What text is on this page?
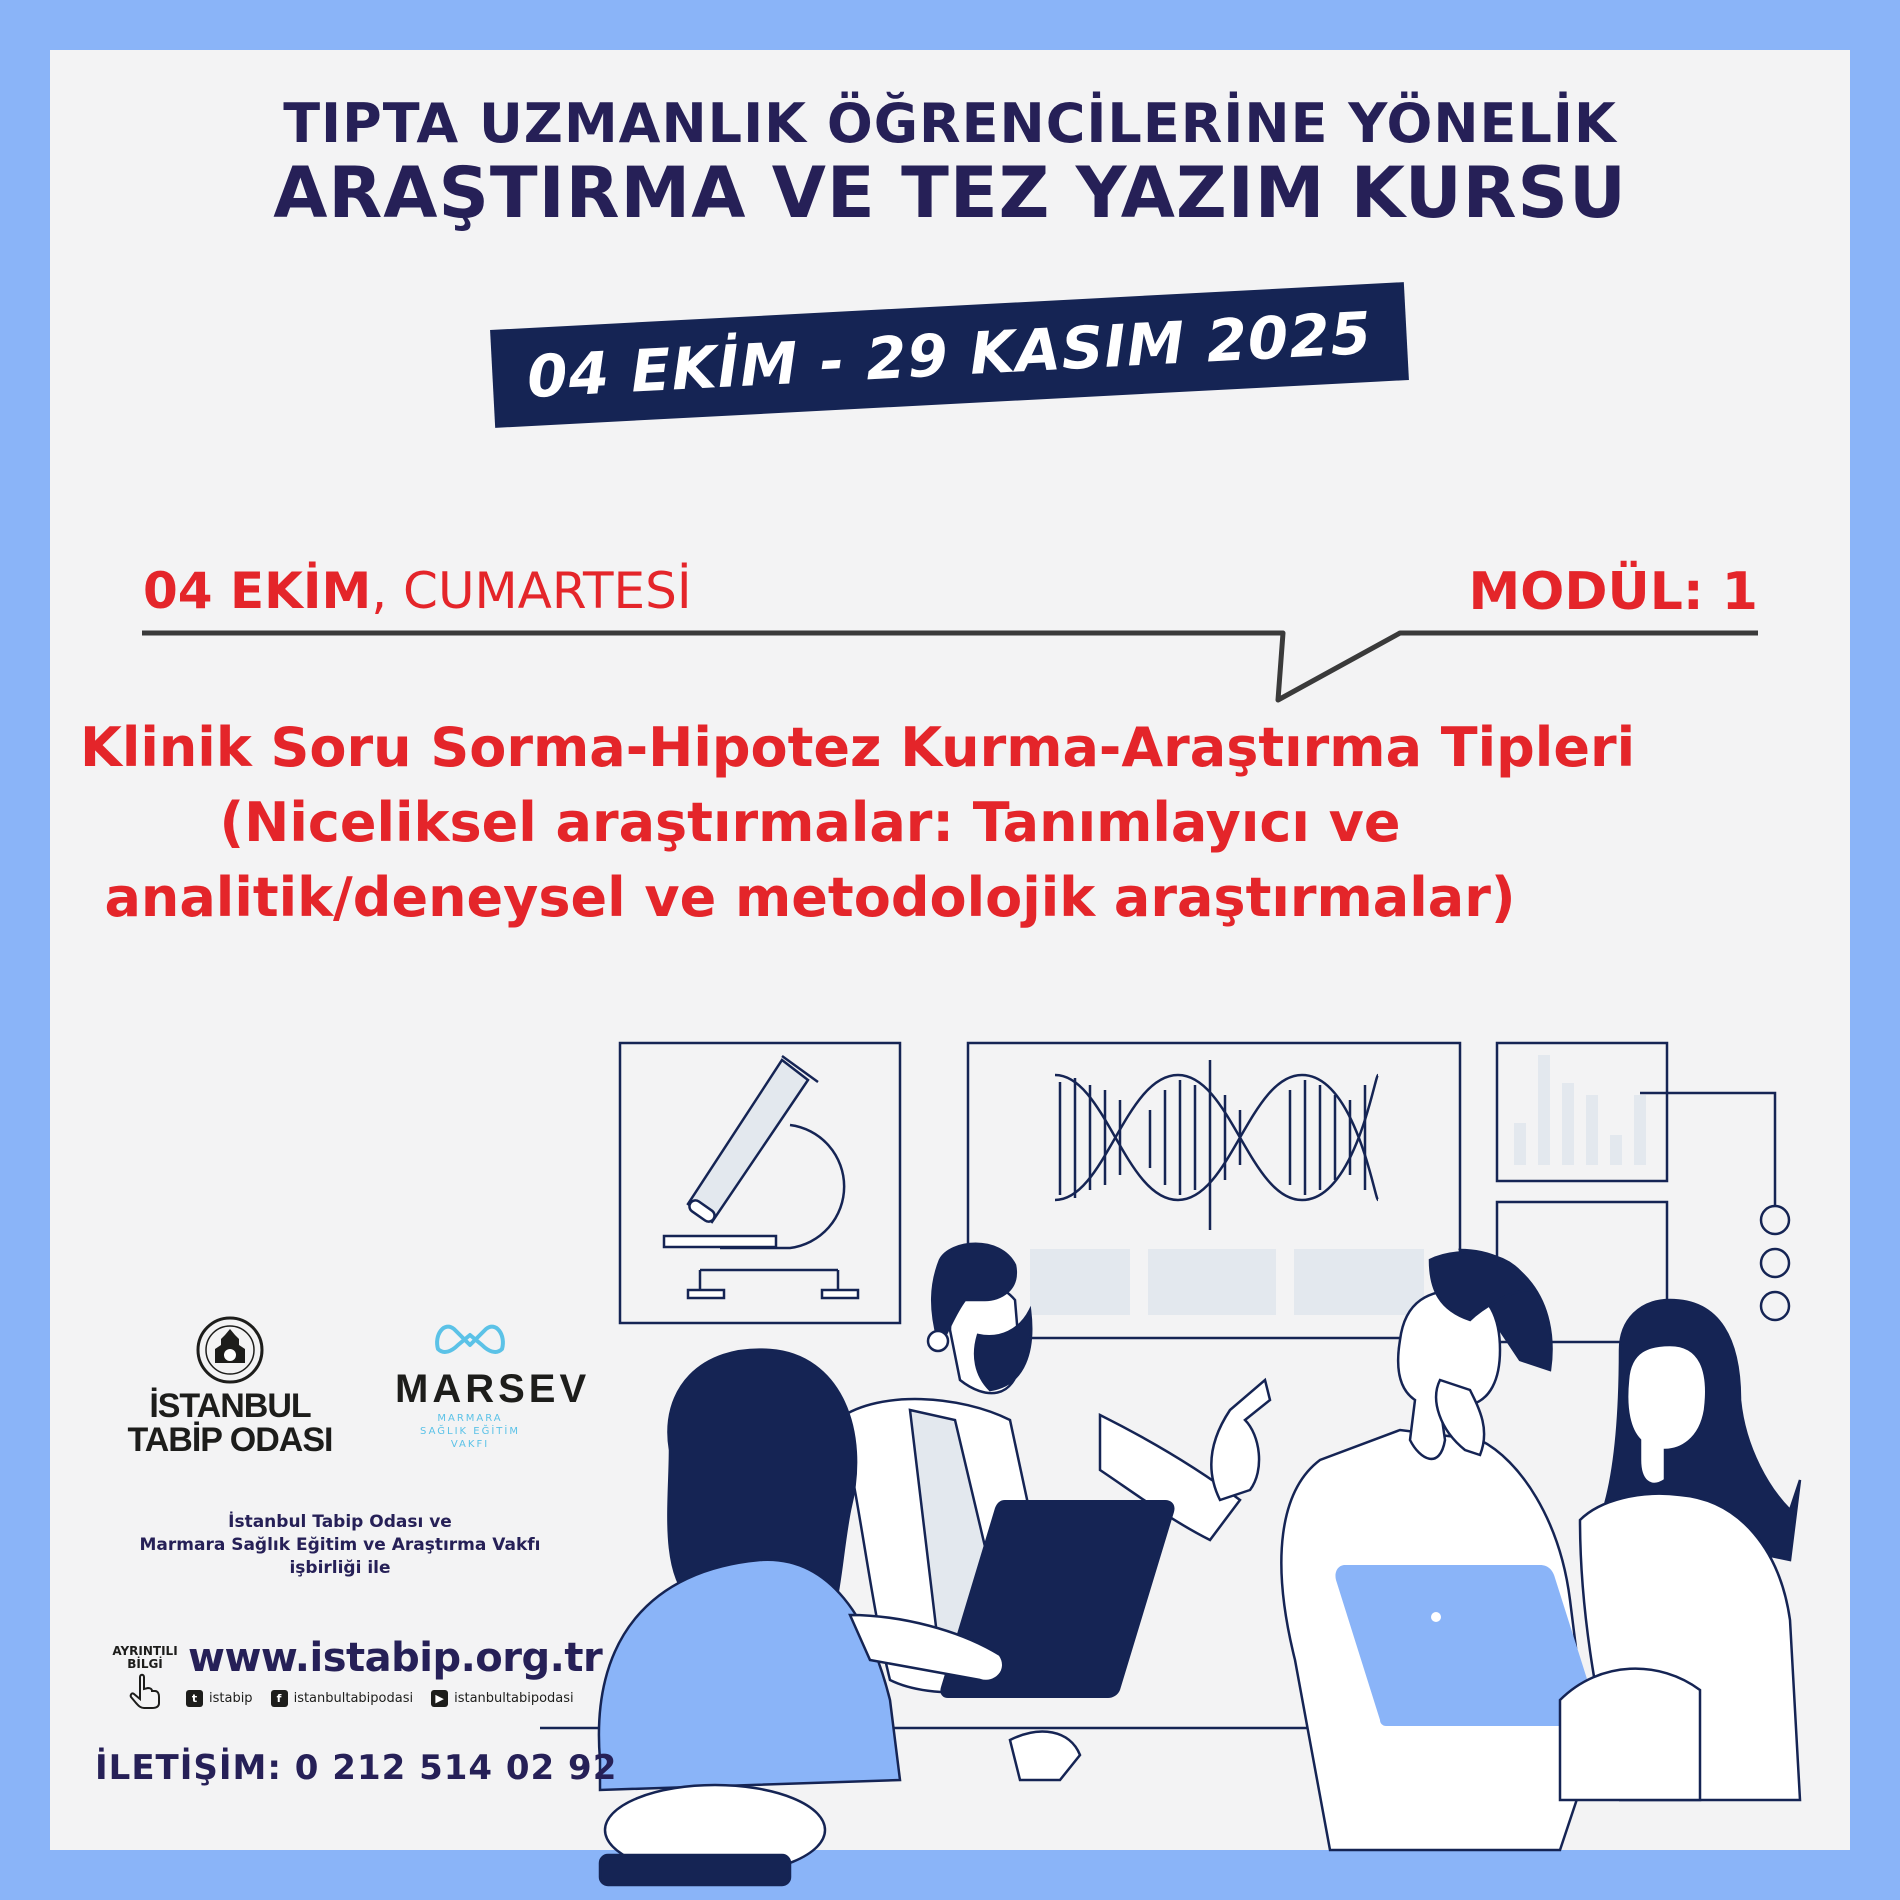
TIPTA UZMANLIK ÖĞRENCİLERİNE YÖNELİK
ARAŞTIRMA VE TEZ YAZIM KURSU
04 EKİM - 29 KASIM 2025
04 EKİM, CUMARTESİ	MODÜL: 1
Klinik Soru Sorma-Hipotez Kurma-Araştırma Tipleri
(Niceliksel araştırmalar: Tanımlayıcı ve
analitik/deneysel ve metodolojik araştırmalar)
İSTANBUL
TABİP ODASI
MARSEV
MARMARA
SAĞLIK EĞİTİM
VAKFI
İstanbul Tabip Odası ve
Marmara Sağlık Eğitim ve Araştırma Vakfı
işbirliği ile
AYRINTILI
BİLGİ www.istabip.org.tr
t istabip	f istanbultabipodasi	▶ istanbultabipodasi
İLETİŞİM: 0 212 514 02 92
